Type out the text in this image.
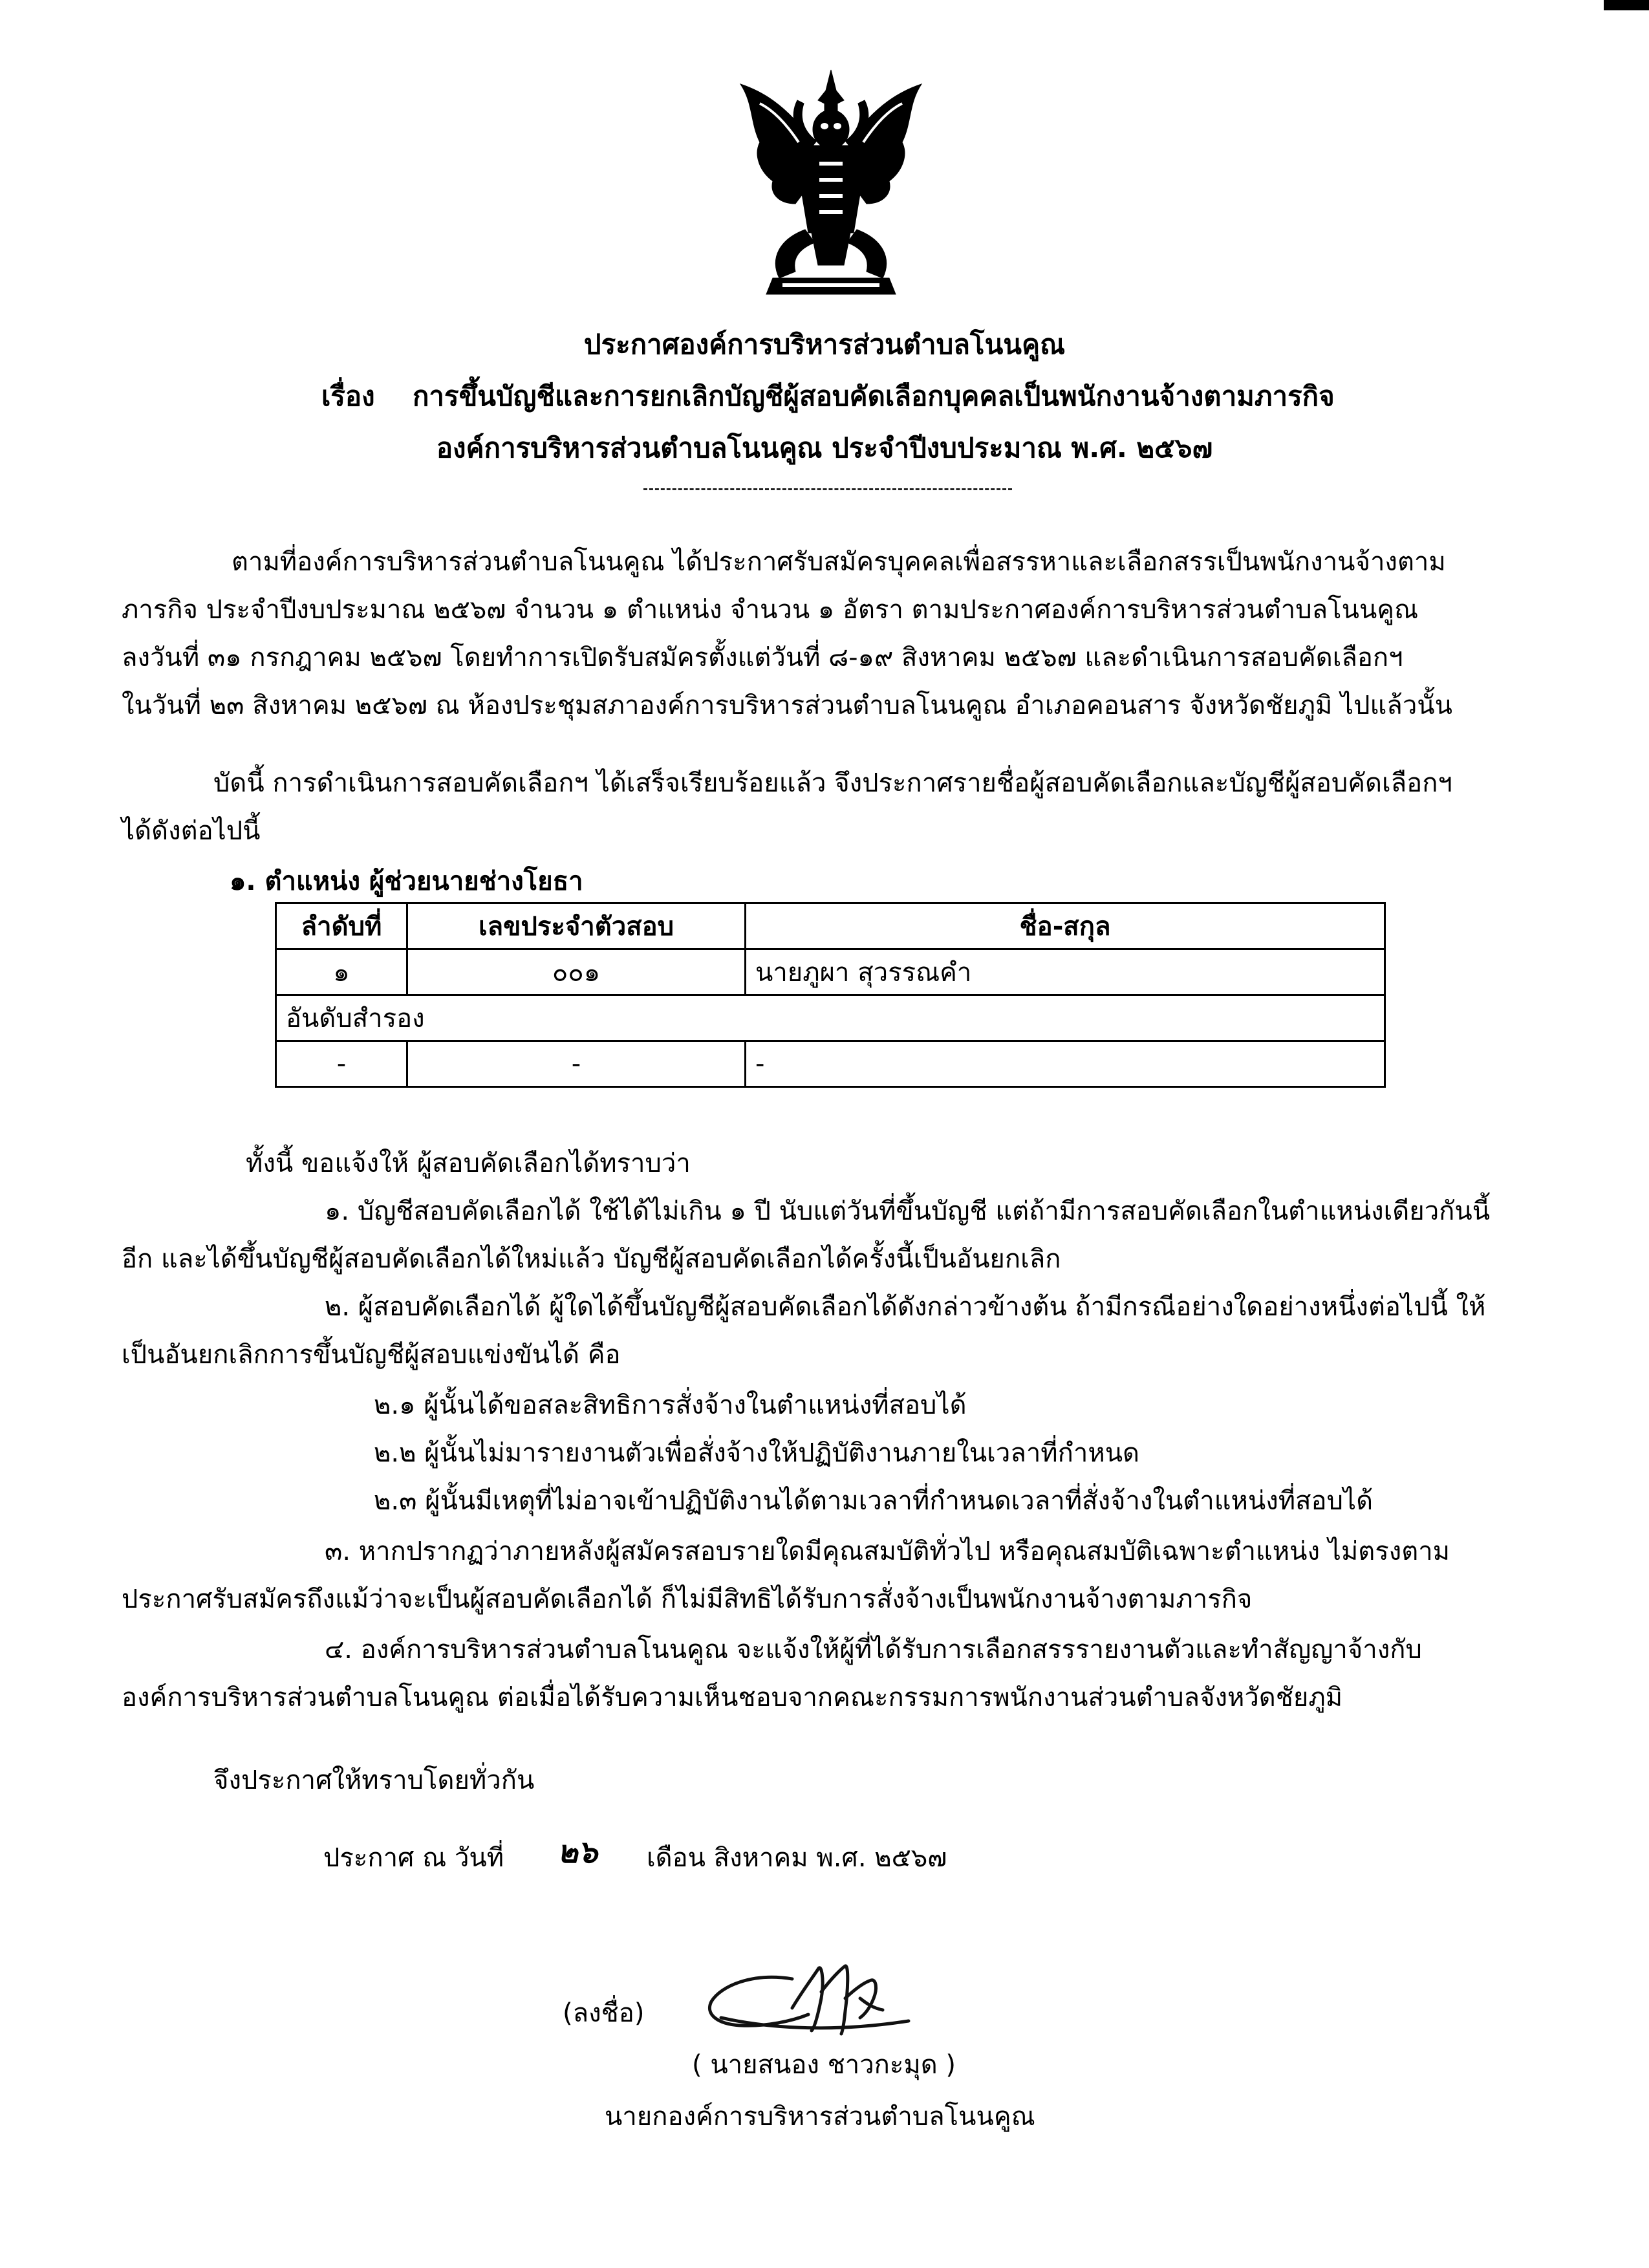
ประกาศองค์การบริหารส่วนตำบลโนนคูณ
เรื่อง การขึ้นบัญชีและการยกเลิกบัญชีผู้สอบคัดเลือกบุคคลเป็นพนักงานจ้างตามภารกิจ
องค์การบริหารส่วนตำบลโนนคูณ ประจำปีงบประมาณ พ.ศ. ๒๕๖๗
ตามที่องค์การบริหารส่วนตำบลโนนคูณ ได้ประกาศรับสมัครบุคคลเพื่อสรรหาและเลือกสรรเป็นพนักงานจ้างตาม
ภารกิจ ประจำปีงบประมาณ ๒๕๖๗ จำนวน ๑ ตำแหน่ง จำนวน ๑ อัตรา ตามประกาศองค์การบริหารส่วนตำบลโนนคูณ
ลงวันที่ ๓๑ กรกฎาคม ๒๕๖๗ โดยทำการเปิดรับสมัครตั้งแต่วันที่ ๘-๑๙ สิงหาคม ๒๕๖๗ และดำเนินการสอบคัดเลือกฯ
ในวันที่ ๒๓ สิงหาคม ๒๕๖๗ ณ ห้องประชุมสภาองค์การบริหารส่วนตำบลโนนคูณ อำเภอคอนสาร จังหวัดชัยภูมิ ไปแล้วนั้น
บัดนี้ การดำเนินการสอบคัดเลือกฯ ได้เสร็จเรียบร้อยแล้ว จึงประกาศรายชื่อผู้สอบคัดเลือกและบัญชีผู้สอบคัดเลือกฯ
ได้ดังต่อไปนี้
๑. ตำแหน่ง ผู้ช่วยนายช่างโยธา
ลำดับที่	เลขประจำตัวสอบ	ชื่อ-สกุล
๑	๐๐๑	นายภูผา สุวรรณคำ
อันดับสำรอง		
-	-	-
ทั้งนี้ ขอแจ้งให้ ผู้สอบคัดเลือกได้ทราบว่า
๑. บัญชีสอบคัดเลือกได้ ใช้ได้ไม่เกิน ๑ ปี นับแต่วันที่ขึ้นบัญชี แต่ถ้ามีการสอบคัดเลือกในตำแหน่งเดียวกันนี้
อีก และได้ขึ้นบัญชีผู้สอบคัดเลือกได้ใหม่แล้ว บัญชีผู้สอบคัดเลือกได้ครั้งนี้เป็นอันยกเลิก
๒. ผู้สอบคัดเลือกได้ ผู้ใดได้ขึ้นบัญชีผู้สอบคัดเลือกได้ดังกล่าวข้างต้น ถ้ามีกรณีอย่างใดอย่างหนึ่งต่อไปนี้ ให้
เป็นอันยกเลิกการขึ้นบัญชีผู้สอบแข่งขันได้ คือ
๒.๑ ผู้นั้นได้ขอสละสิทธิการสั่งจ้างในตำแหน่งที่สอบได้
๒.๒ ผู้นั้นไม่มารายงานตัวเพื่อสั่งจ้างให้ปฏิบัติงานภายในเวลาที่กำหนด
๒.๓ ผู้นั้นมีเหตุที่ไม่อาจเข้าปฏิบัติงานได้ตามเวลาที่กำหนดเวลาที่สั่งจ้างในตำแหน่งที่สอบได้
๓. หากปรากฏว่าภายหลังผู้สมัครสอบรายใดมีคุณสมบัติทั่วไป หรือคุณสมบัติเฉพาะตำแหน่ง ไม่ตรงตาม
ประกาศรับสมัครถึงแม้ว่าจะเป็นผู้สอบคัดเลือกได้ ก็ไม่มีสิทธิได้รับการสั่งจ้างเป็นพนักงานจ้างตามภารกิจ
๔. องค์การบริหารส่วนตำบลโนนคูณ จะแจ้งให้ผู้ที่ได้รับการเลือกสรรรายงานตัวและทำสัญญาจ้างกับ
องค์การบริหารส่วนตำบลโนนคูณ ต่อเมื่อได้รับความเห็นชอบจากคณะกรรมการพนักงานส่วนตำบลจังหวัดชัยภูมิ
จึงประกาศให้ทราบโดยทั่วกัน
ประกาศ ณ วันที่ ๒๖ เดือน สิงหาคม พ.ศ. ๒๕๖๗
(ลงชื่อ)
( นายสนอง ชาวกะมุด )
นายกองค์การบริหารส่วนตำบลโนนคูณ
